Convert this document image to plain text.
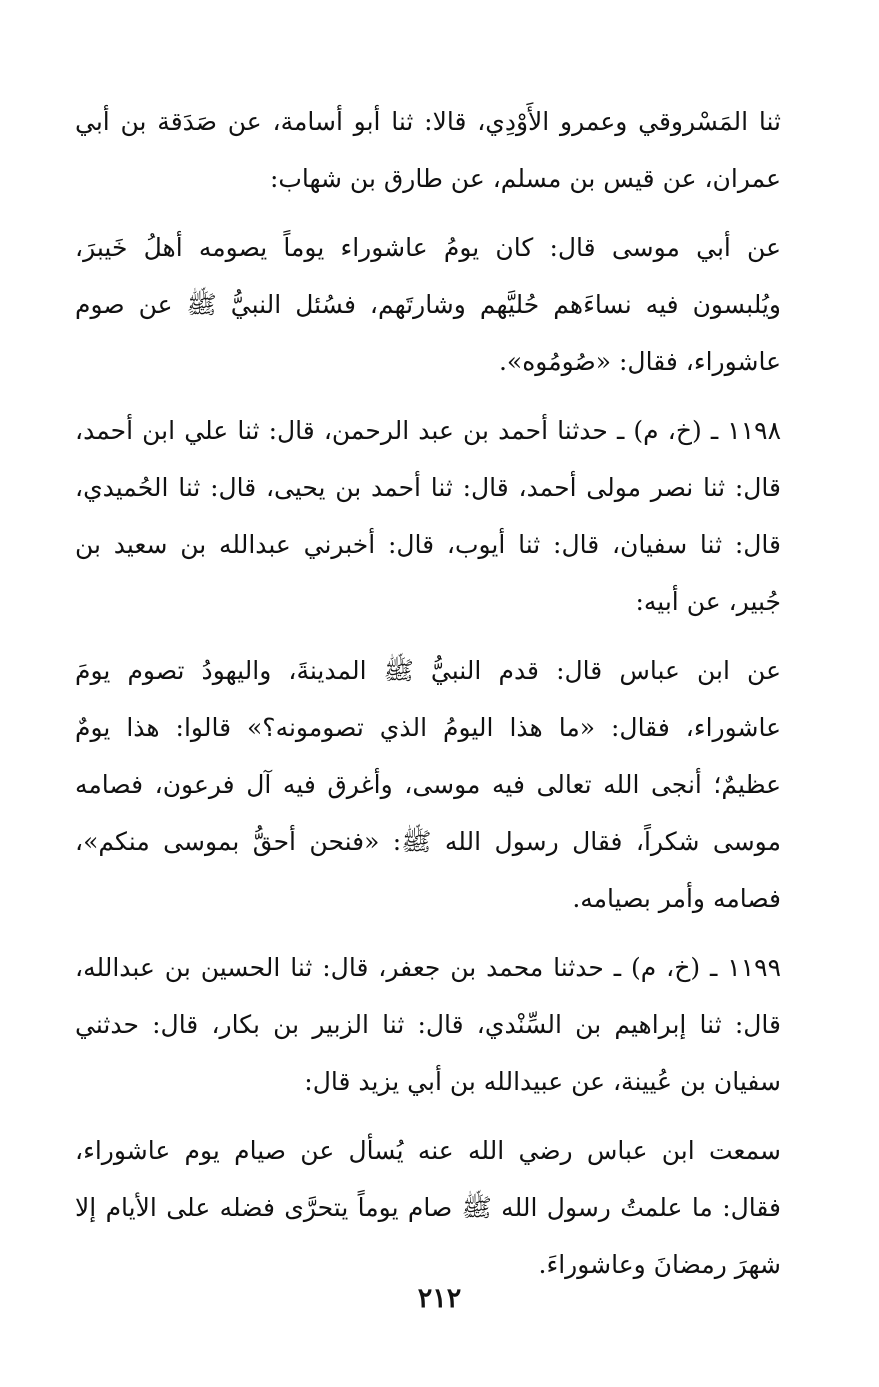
ثنا المَسْروقي وعمرو الأَوْدِي، قالا: ثنا أبو أسامة، عن صَدَقة بن أبي عمران، عن قيس بن مسلم، عن طارق بن شهاب:

عن أبي موسى قال: كان يومُ عاشوراء يوماً يصومه أهلُ خَيبرَ، ويُلبسون فيه نساءَهم حُليَّهم وشارتَهم، فسُئل النبيُّ ﷺ عن صوم عاشوراء، فقال: «صُومُوه».

١١٩٨ ـ (خ، م) ـ حدثنا أحمد بن عبد الرحمن، قال: ثنا علي ابن أحمد، قال: ثنا نصر مولى أحمد، قال: ثنا أحمد بن يحيى، قال: ثنا الحُميدي، قال: ثنا سفيان، قال: ثنا أيوب، قال: أخبرني عبدالله بن سعيد بن جُبير، عن أبيه:

عن ابن عباس قال: قدم النبيُّ ﷺ المدينةَ، واليهودُ تصوم يومَ عاشوراء، فقال: «ما هذا اليومُ الذي تصومونه؟» قالوا: هذا يومٌ عظيمٌ؛ أنجى الله تعالى فيه موسى، وأغرق فيه آل فرعون، فصامه موسى شكراً، فقال رسول الله ﷺ: «فنحن أحقُّ بموسى منكم»، فصامه وأمر بصيامه.

١١٩٩ ـ (خ، م) ـ حدثنا محمد بن جعفر، قال: ثنا الحسين بن عبدالله، قال: ثنا إبراهيم بن السِّنْدي، قال: ثنا الزبير بن بكار، قال: حدثني سفيان بن عُيينة، عن عبيدالله بن أبي يزيد قال:

سمعت ابن عباس رضي الله عنه يُسأل عن صيام يوم عاشوراء، فقال: ما علمتُ رسول الله ﷺ صام يوماً يتحرَّى فضله على الأيام إلا شهرَ رمضانَ وعاشوراءَ.

٢١٢
